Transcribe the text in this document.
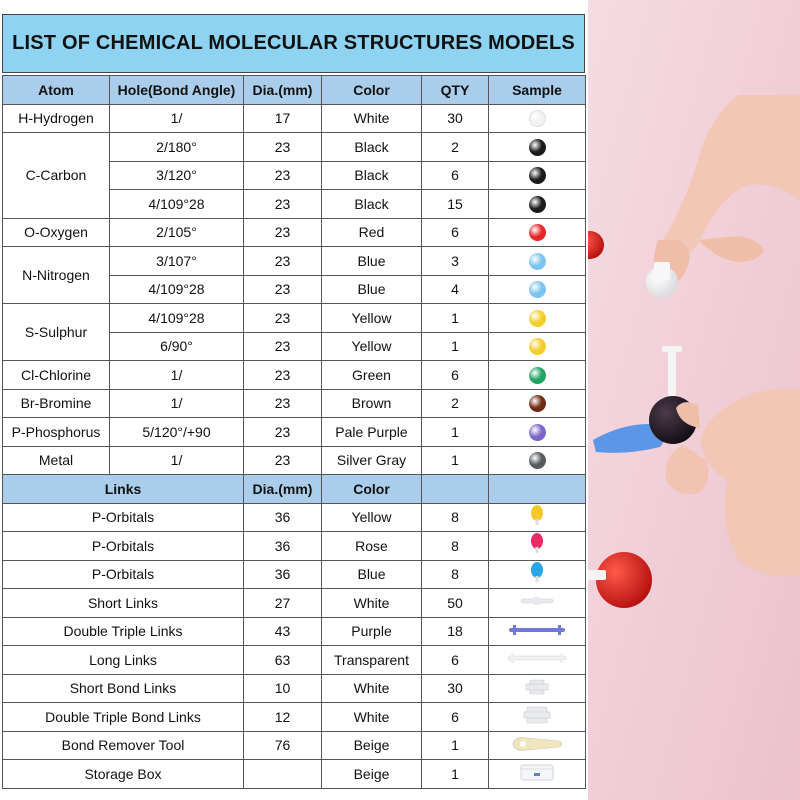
LIST OF CHEMICAL MOLECULAR STRUCTURES MODELS
Atom	Hole(Bond Angle)	Dia.(mm)	Color	QTY	Sample
H-Hydrogen	1/	17	White	30	
C-Carbon	2/180°	23	Black	2	
	3/120°	23	Black	6	
	4/109°28	23	Black	15	
O-Oxygen	2/105°	23	Red	6	
N-Nitrogen	3/107°	23	Blue	3	
	4/109°28	23	Blue	4	
S-Sulphur	4/109°28	23	Yellow	1	
	6/90°	23	Yellow	1	
Cl-Chlorine	1/	23	Green	6	
Br-Bromine	1/	23	Brown	2	
P-Phosphorus	5/120°/+90	23	Pale Purple	1	
Metal	1/	23	Silver Gray	1	
Links		Dia.(mm)	Color		
P-Orbitals		36	Yellow	8	
P-Orbitals		36	Rose	8	
P-Orbitals		36	Blue	8	
Short Links		27	White	50	
Double Triple Links		43	Purple	18	
Long Links		63	Transparent	6	
Short Bond Links		10	White	30	
Double Triple Bond Links		12	White	6	
Bond Remover Tool		76	Beige	1	
Storage Box			Beige	1	
